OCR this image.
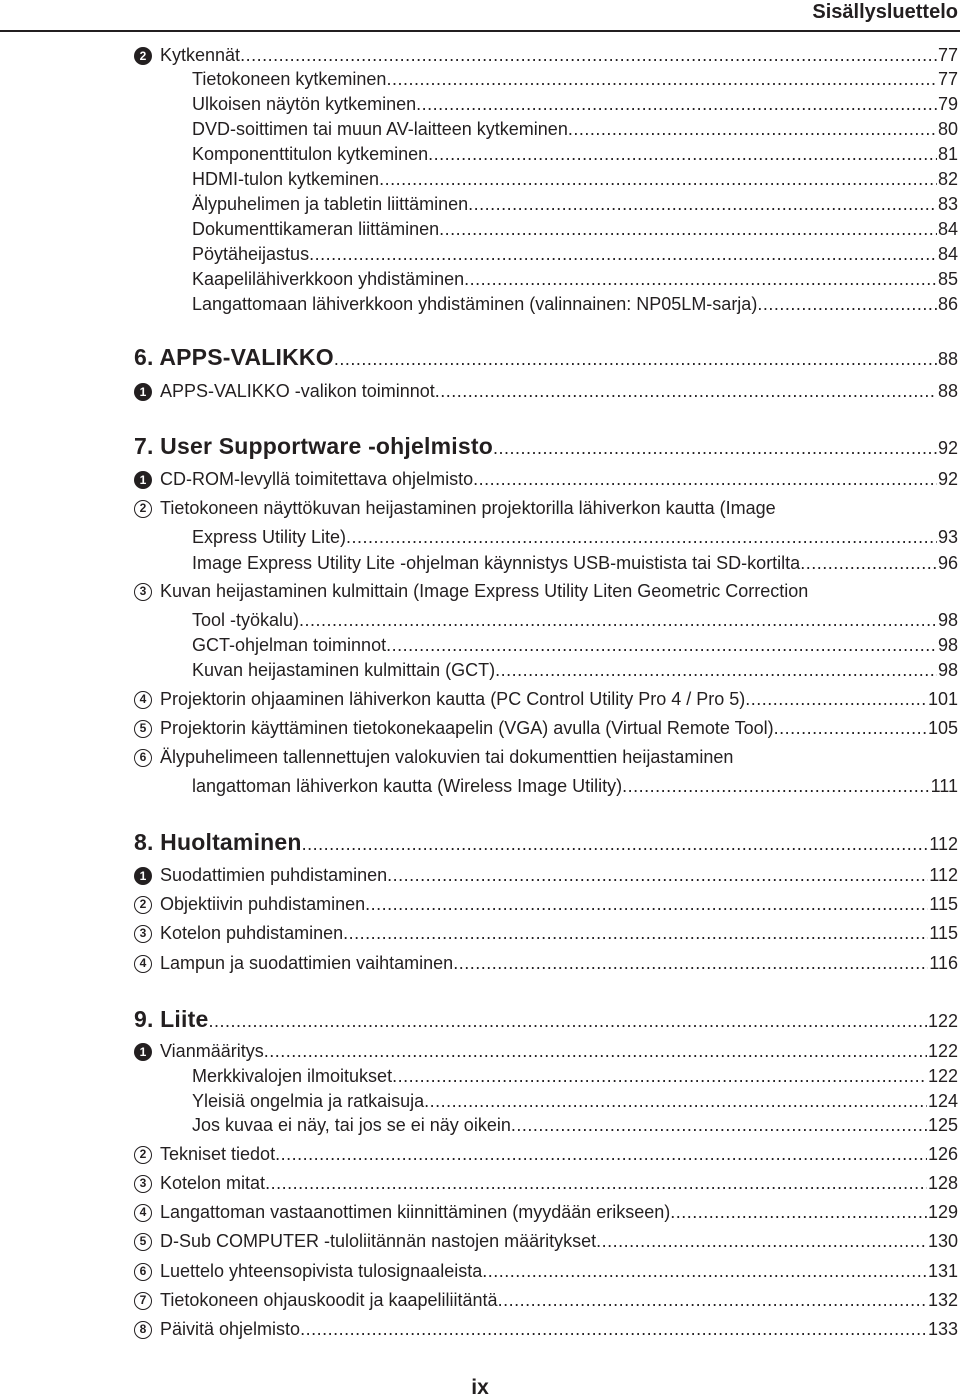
Sisällysluettelo
2 Kytkennät .....	77
Tietokoneen kytkeminen .....	77
Ulkoisen näytön kytkeminen .....	79
DVD-soittimen tai muun AV-laitteen kytkeminen .....	80
Komponenttitulon kytkeminen .....	81
HDMI-tulon kytkeminen .....	82
Älypuhelimen ja tabletin liittäminen .....	83
Dokumenttikameran liittäminen .....	84
Pöytäheijastus .....	84
Kaapelilähiverkkoon yhdistäminen .....	85
Langattomaan lähiverkkoon yhdistäminen (valinnainen: NP05LM-sarja) .....	86
6. APPS-VALIKKO .....	88
1 APPS-VALIKKO -valikon toiminnot .....	88
7. User Supportware -ohjelmisto .....	92
1 CD-ROM-levyllä toimitettava ohjelmisto .....	92
2 Tietokoneen näyttökuvan heijastaminen projektorilla lähiverkon kautta (Image
Express Utility Lite) .....	93
Image Express Utility Lite -ohjelman käynnistys USB-muistista tai SD-kortilta .....	96
3 Kuvan heijastaminen kulmittain (Image Express Utility Liten Geometric Correction
Tool -työkalu) .....	98
GCT-ohjelman toiminnot .....	98
Kuvan heijastaminen kulmittain (GCT) .....	98
4 Projektorin ohjaaminen lähiverkon kautta (PC Control Utility Pro 4 / Pro 5) .....	101
5 Projektorin käyttäminen tietokonekaapelin (VGA) avulla (Virtual Remote Tool) .....	105
6 Älypuhelimeen tallennettujen valokuvien tai dokumenttien heijastaminen
langattoman lähiverkon kautta (Wireless Image Utility) .....	111
8. Huoltaminen .....	112
1 Suodattimien puhdistaminen .....	112
2 Objektiivin puhdistaminen .....	115
3 Kotelon puhdistaminen .....	115
4 Lampun ja suodattimien vaihtaminen .....	116
9. Liite .....	122
1 Vianmääritys .....	122
Merkkivalojen ilmoitukset .....	122
Yleisiä ongelmia ja ratkaisuja .....	124
Jos kuvaa ei näy, tai jos se ei näy oikein .....	125
2 Tekniset tiedot .....	126
3 Kotelon mitat .....	128
4 Langattoman vastaanottimen kiinnittäminen (myydään erikseen) .....	129
5 D-Sub COMPUTER -tuloliitännän nastojen määritykset .....	130
6 Luettelo yhteensopivista tulosignaaleista .....	131
7 Tietokoneen ohjauskoodit ja kaapeliliitäntä .....	132
8 Päivitä ohjelmisto .....	133
ix
